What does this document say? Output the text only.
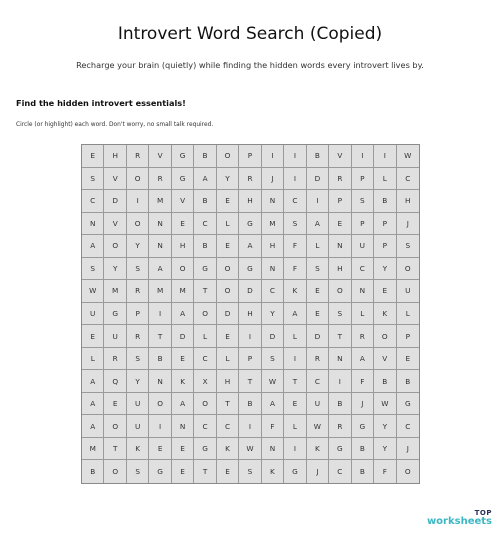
Introvert Word Search (Copied)
Recharge your brain (quietly) while finding the hidden words every introvert lives by.
Find the hidden introvert essentials!
Circle (or highlight) each word. Don't worry, no small talk required.
E	H	R	V	G	B	O	P	I	I	B	V	I	I	W
S	V	O	R	G	A	Y	R	J	I	D	R	P	L	C
C	D	I	M	V	B	E	H	N	C	I	P	S	B	H
N	V	O	N	E	C	L	G	M	S	A	E	P	P	J
A	O	Y	N	H	B	E	A	H	F	L	N	U	P	S
S	Y	S	A	O	G	O	G	N	F	S	H	C	Y	O
W	M	R	M	M	T	O	D	C	K	E	O	N	E	U
U	G	P	I	A	O	D	H	Y	A	E	S	L	K	L
E	U	R	T	D	L	E	I	D	L	D	T	R	O	P
L	R	S	B	E	C	L	P	S	I	R	N	A	V	E
A	Q	Y	N	K	X	H	T	W	T	C	I	F	B	B
A	E	U	O	A	O	T	B	A	E	U	B	J	W	G
A	O	U	I	N	C	C	I	F	L	W	R	G	Y	C
M	T	K	E	E	G	K	W	N	I	K	G	B	Y	J
B	O	S	G	E	T	E	S	K	G	J	C	B	F	O
TOP
worksheets
